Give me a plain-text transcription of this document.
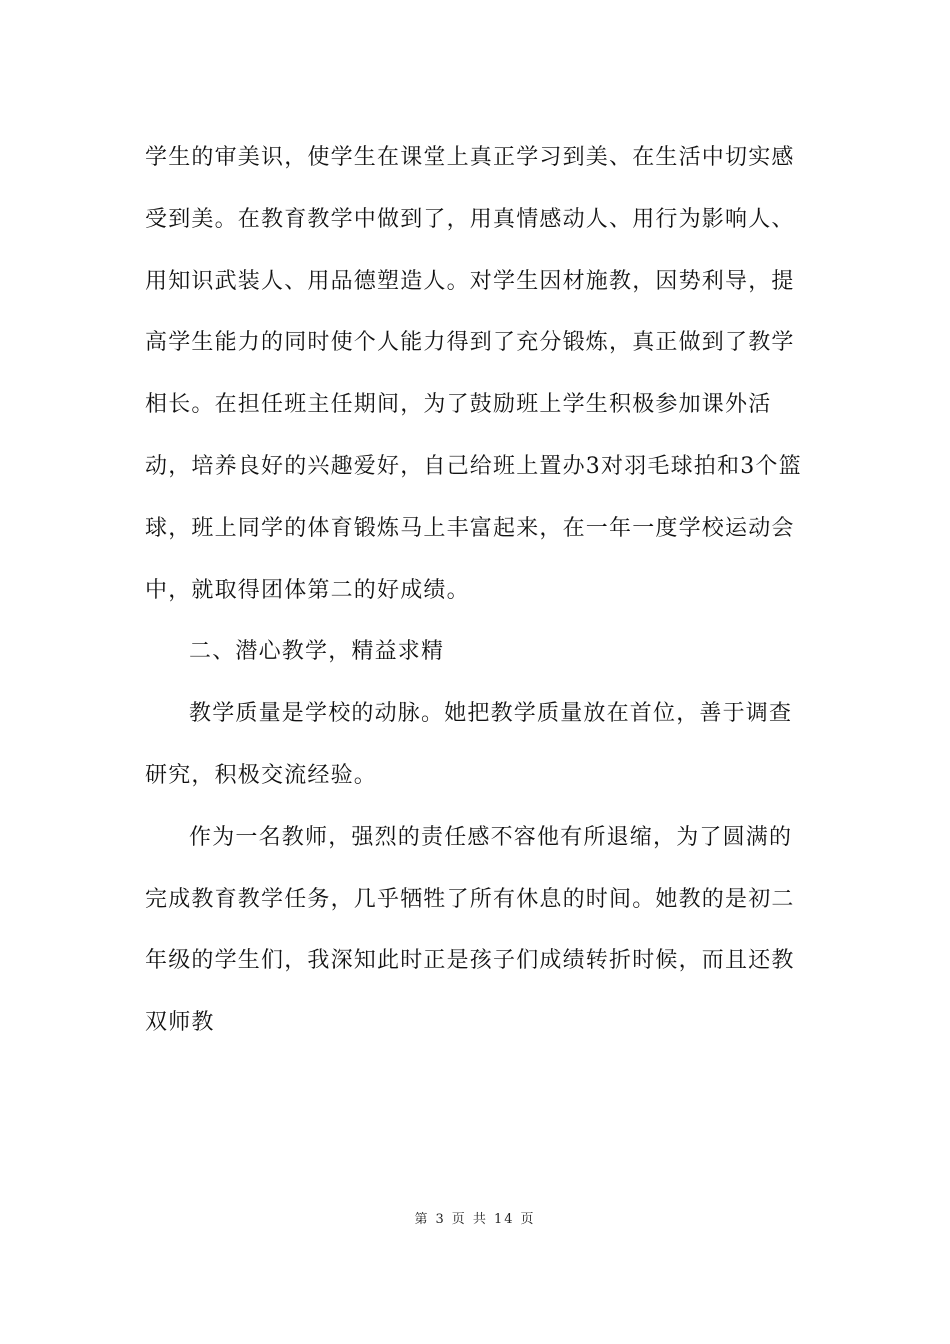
学生的审美识，使学生在课堂上真正学习到美、在生活中切实感受到美。在教育教学中做到了，用真情感动人、用行为影响人、用知识武装人、用品德塑造人。对学生因材施教，因势利导，提高学生能力的同时使个人能力得到了充分锻炼，真正做到了教学相长。在担任班主任期间，为了鼓励班上学生积极参加课外活动，培养良好的兴趣爱好，自己给班上置办3对羽毛球拍和3个篮球，班上同学的体育锻炼马上丰富起来，在一年一度学校运动会中，就取得团体第二的好成绩。

二、潜心教学，精益求精

教学质量是学校的动脉。她把教学质量放在首位，善于调查研究，积极交流经验。

作为一名教师，强烈的责任感不容他有所退缩，为了圆满的完成教育教学任务，几乎牺牲了所有休息的时间。她教的是初二年级的学生们，我深知此时正是孩子们成绩转折时候，而且还教双师教

第 3 页 共 14 页
